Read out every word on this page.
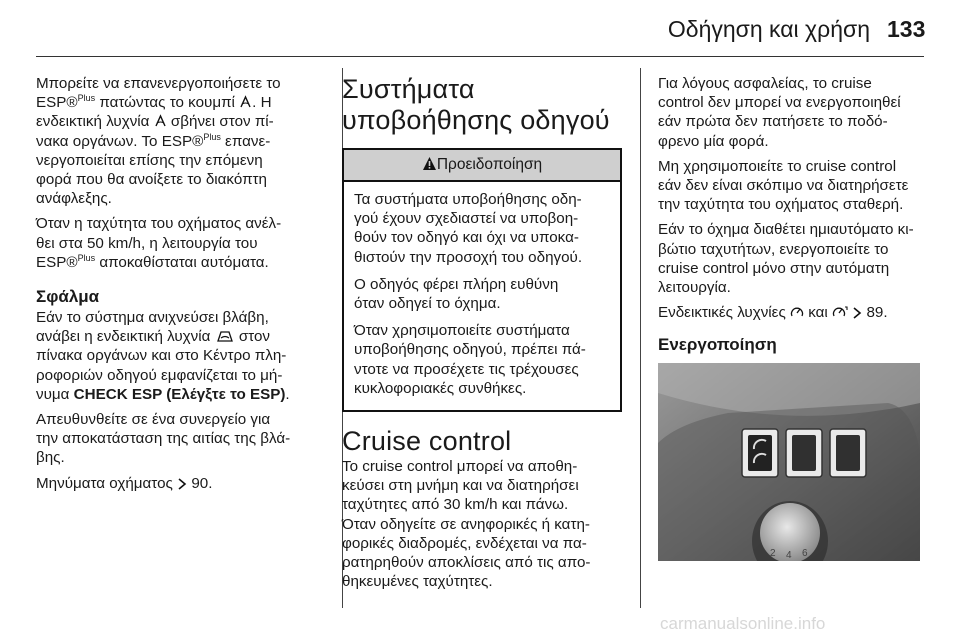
Οδήγηση και χρήση 133

Μπορείτε να επανενεργοποιήσετε το
ESP®$^{Plus}$ πατώντας το κουμπί . Η
ενδεικτική λυχνία  σβήνει στον πί-
νακα οργάνων. Το ESP®$^{Plus}$ επανε-
νεργοποιείται επίσης την επόμενη
φορά που θα ανοίξετε το διακόπτη
ανάφλεξης.

Όταν η ταχύτητα του οχήματος ανέλ-
θει στα 50 km/h, η λειτουργία του
ESP®$^{Plus}$ αποκαθίσταται αυτόματα.

Σφάλμα

Εάν το σύστημα ανιχνεύσει βλάβη,
ανάβει η ενδεικτική λυχνία  στον
πίνακα οργάνων και στο Κέντρο πλη-
ροφοριών οδηγού εμφανίζεται το μή-
νυμα CHECK ESP (Ελέγξτε το ESP).

Απευθυνθείτε σε ένα συνεργείο για
την αποκατάσταση της αιτίας της βλά-
βης.

Μηνύματα οχήματος  90.

Συστήματα
υποβοήθησης οδηγού
Προειδοποίηση

Τα συστήματα υποβοήθησης οδη-
γού έχουν σχεδιαστεί να υποβοη-
θούν τον οδηγό και όχι να υποκα-
θιστούν την προσοχή του οδηγού.

Ο οδηγός φέρει πλήρη ευθύνη
όταν οδηγεί το όχημα.

Όταν χρησιμοποιείτε συστήματα
υποβοήθησης οδηγού, πρέπει πά-
ντοτε να προσέχετε τις τρέχουσες
κυκλοφοριακές συνθήκες.

Cruise control

Το cruise control μπορεί να αποθη-
κεύσει στη μνήμη και να διατηρήσει
ταχύτητες από 30 km/h και πάνω.
Όταν οδηγείτε σε ανηφορικές ή κατη-
φορικές διαδρομές, ενδέχεται να πα-
ρατηρηθούν αποκλίσεις από τις απο-
θηκευμένες ταχύτητες.

Για λόγους ασφαλείας, το cruise
control δεν μπορεί να ενεργοποιηθεί
εάν πρώτα δεν πατήσετε το ποδό-
φρενο μία φορά.

Μη χρησιμοποιείτε το cruise control
εάν δεν είναι σκόπιμο να διατηρήσετε
την ταχύτητα του οχήματος σταθερή.

Εάν το όχημα διαθέτει ημιαυτόματο κι-
βώτιο ταχυτήτων, ενεργοποιείτε το
cruise control μόνο στην αυτόματη
λειτουργία.

Ενδεικτικές λυχνίες  και   89.

Ενεργοποίηση
2 4 6
carmanualsonline.info
